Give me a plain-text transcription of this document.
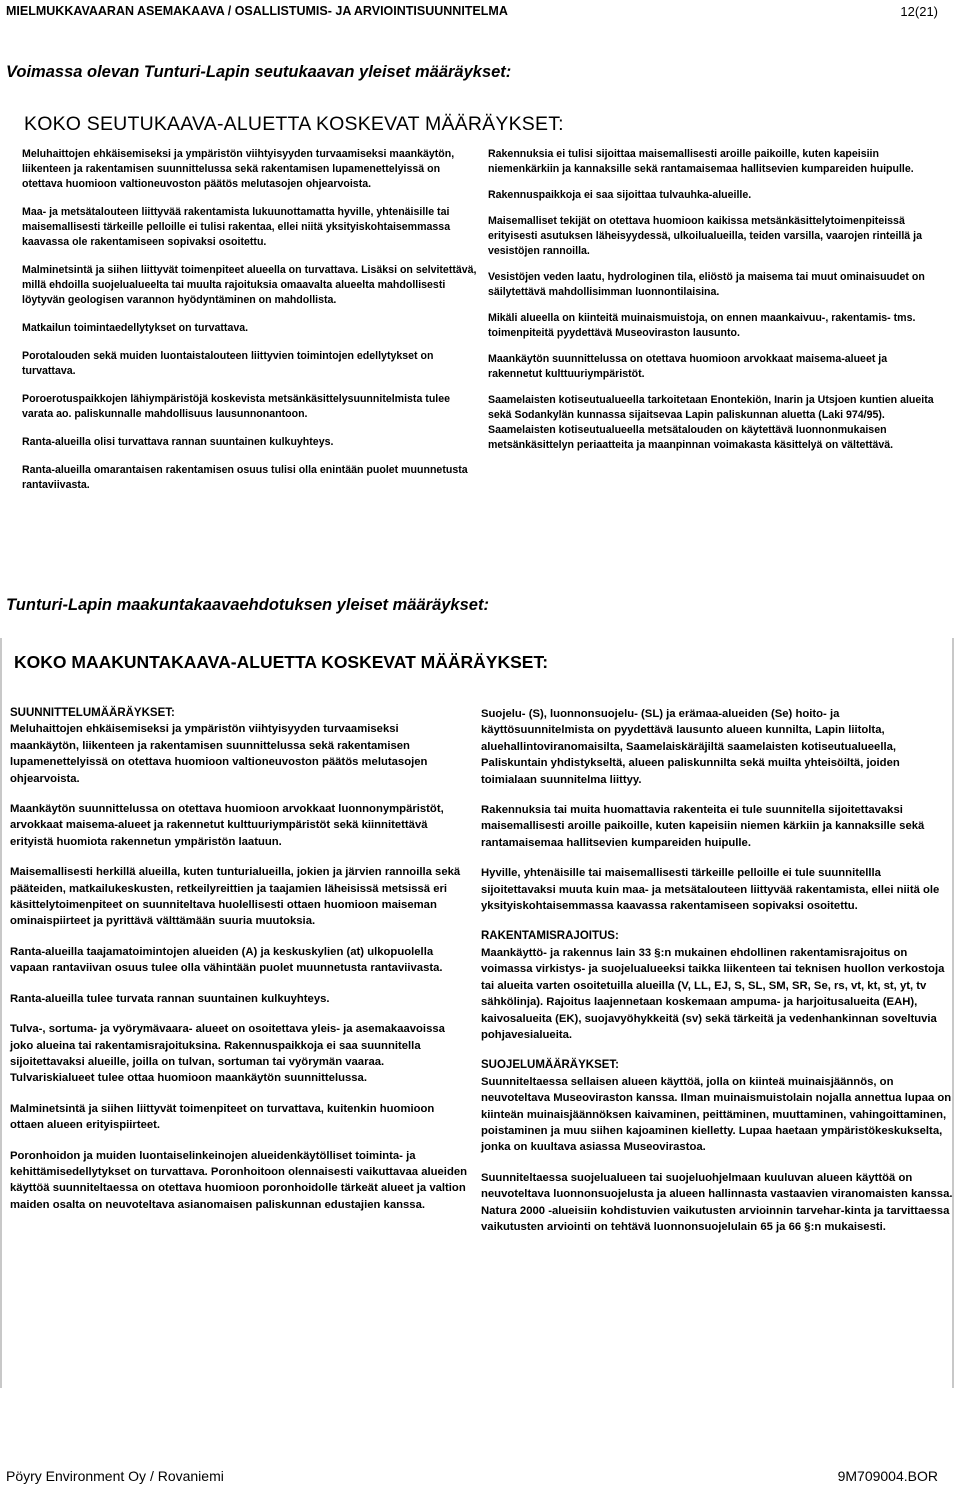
MIELMUKKAVAARAN ASEMAKAAVA / OSALLISTUMIS- JA ARVIOINTISUUNNITELMA	12(21)
Voimassa olevan Tunturi-Lapin seutukaavan yleiset määräykset:
KOKO SEUTUKAAVA-ALUETTA KOSKEVAT MÄÄRÄYKSET:

Meluhaittojen ehkäisemiseksi ja ympäristön viihtyisyyden turvaamiseksi maankäytön, liikenteen ja rakentamisen suunnittelussa sekä rakentamisen lupamenettelyissä on otettava huomioon valtioneuvoston päätös melutasojen ohjearvoista.

Maa- ja metsätalouteen liittyvää rakentamista lukuunottamatta hyville, yhtenäisille tai maisemallisesti tärkeille pelloille ei tulisi rakentaa, ellei niitä yksityiskohtaisemmassa kaavassa ole rakentamiseen sopivaksi osoitettu.

Malminetsintä ja siihen liittyvät toimenpiteet alueella on turvattava. Lisäksi on selvitettävä, millä ehdoilla suojelualueelta tai muulta rajoituksia omaavalta alueelta mahdollisesti löytyvän geologisen varannon hyödyntäminen on mahdollista.

Matkailun toimintaedellytykset on turvattava.

Porotalouden sekä muiden luontaistalouteen liittyvien toimintojen edellytykset on turvattava.

Poroerotuspaikkojen lähiympäristöjä koskevista metsänkäsittelysuunnitelmista tulee varata ao. paliskunnalle mahdollisuus lausunnonantoon.

Ranta-alueilla olisi turvattava rannan suuntainen kulkuyhteys.

Ranta-alueilla omarantaisen rakentamisen osuus tulisi olla enintään puolet muunnetusta rantaviivasta.

Rakennuksia ei tulisi sijoittaa maisemallisesti aroille paikoille, kuten kapeisiin niemenkärkiin ja kannaksille sekä rantamaisemaa hallitsevien kumpareiden huipulle.

Rakennuspaikkoja ei saa sijoittaa tulvauhka-alueille.

Maisemalliset tekijät on otettava huomioon kaikissa metsänkäsittelytoimenpiteissä erityisesti asutuksen läheisyydessä, ulkoilualueilla, teiden varsilla, vaarojen rinteillä ja vesistöjen rannoilla.

Vesistöjen veden laatu, hydrologinen tila, eliöstö ja maisema tai muut ominaisuudet on säilytettävä mahdollisimman luonnontilaisina.

Mikäli alueella on kiinteitä muinaismuistoja, on ennen maankaivuu-, rakentamis- tms. toimenpiteitä pyydettävä Museoviraston lausunto.

Maankäytön suunnittelussa on otettava huomioon arvokkaat maisema-alueet ja rakennetut kulttuuriympäristöt.

Saamelaisten kotiseutualueella tarkoitetaan Enontekiön, Inarin ja Utsjoen kuntien alueita sekä Sodankylän kunnassa sijaitsevaa Lapin paliskunnan aluetta (Laki 974/95). Saamelaisten kotiseutualueella metsätalouden on käytettävä luonnonmukaisen metsänkäsittelyn periaatteita ja maanpinnan voimakasta käsittelyä on vältettävä.

Tunturi-Lapin maakuntakaavaehdotuksen yleiset määräykset:
KOKO MAAKUNTAKAAVA-ALUETTA KOSKEVAT MÄÄRÄYKSET:

SUUNNITTELUMÄÄRÄYKSET:

Meluhaittojen ehkäisemiseksi ja ympäristön viihtyisyyden turvaamiseksi maankäytön, liikenteen ja rakentamisen suunnittelussa sekä rakentamisen lupamenettelyissä on otettava huomioon valtioneuvoston päätös melutasojen ohjearvoista.

Maankäytön suunnittelussa on otettava huomioon arvokkaat luonnonympäristöt, arvokkaat maisema-alueet ja rakennetut kulttuuriympäristöt sekä kiinnitettävä erityistä huomiota rakennetun ympäristön laatuun.

Maisemallisesti herkillä alueilla, kuten tunturialueilla, jokien ja järvien rannoilla sekä pääteiden, matkailukeskusten, retkeilyreittien ja taajamien läheisissä metsissä eri käsittelytoimenpiteet on suunniteltava huolellisesti ottaen huomioon maiseman ominaispiirteet ja pyrittävä välttämään suuria muutoksia.

Ranta-alueilla taajamatoimintojen alueiden (A) ja keskuskylien (at) ulkopuolella vapaan rantaviivan osuus tulee olla vähintään puolet muunnetusta rantaviivasta.

Ranta-alueilla tulee turvata rannan suuntainen kulkuyhteys.

Tulva-, sortuma- ja vyörymävaara- alueet on osoitettava yleis- ja asemakaavoissa joko alueina tai rakentamisrajoituksina. Rakennuspaikkoja ei saa suunnitella sijoitettavaksi alueille, joilla on tulvan, sortuman tai vyörymän vaaraa. Tulvariskialueet tulee ottaa huomioon maankäytön suunnittelussa.

Malminetsintä ja siihen liittyvät toimenpiteet on turvattava, kuitenkin huomioon ottaen alueen erityispiirteet.

Poronhoidon ja muiden luontaiselinkeinojen alueidenkäytölliset toiminta- ja kehittämisedellytykset on turvattava. Poronhoitoon olennaisesti vaikuttavaa alueiden käyttöä suunniteltaessa on otettava huomioon poronhoidolle tärkeät alueet ja valtion maiden osalta on neuvoteltava asianomaisen paliskunnan edustajien kanssa.

Suojelu- (S), luonnonsuojelu- (SL) ja erämaa-alueiden (Se) hoito- ja käyttösuunnitelmista on pyydettävä lausunto alueen kunnilta, Lapin liitolta, aluehallintoviranomaisilta, Saamelaiskäräjiltä saamelaisten kotiseutualueella, Paliskuntain yhdistykseltä, alueen paliskunnilta sekä muilta yhteisöiltä, joiden toimialaan suunnitelma liittyy.

Rakennuksia tai muita huomattavia rakenteita ei tule suunnitella sijoitettavaksi maisemallisesti aroille paikoille, kuten kapeisiin niemen kärkiin ja kannaksille sekä rantamaisemaa hallitsevien kumpareiden huipulle.

Hyville, yhtenäisille tai maisemallisesti tärkeille pelloille ei tule suunnitellla sijoitettavaksi muuta kuin maa- ja metsätalouteen liittyvää rakentamista, ellei niitä ole yksityiskohtaisemmassa kaavassa rakentamiseen sopivaksi osoitettu.

RAKENTAMISRAJOITUS:

Maankäyttö- ja rakennus lain 33 §:n mukainen ehdollinen rakentamisrajoitus on voimassa virkistys- ja suojelualueeksi taikka liikenteen tai teknisen huollon verkostoja tai alueita varten osoitetuilla alueilla (V, LL, EJ, S, SL, SM, SR, Se, rs, vt, kt, st, yt, tv sähkölinja). Rajoitus laajennetaan koskemaan ampuma- ja harjoitusalueita (EAH), kaivosalueita (EK), suojavyöhykkeitä (sv) sekä tärkeitä ja vedenhankinnan soveltuvia pohjavesialueita.

SUOJELUMÄÄRÄYKSET:

Suunniteltaessa sellaisen alueen käyttöä, jolla on kiinteä muinaisjäännös, on neuvoteltava Museoviraston kanssa. Ilman muinaismuistolain nojalla annettua lupaa on kiinteän muinaisjäännöksen kaivaminen, peittäminen, muuttaminen, vahingoittaminen, poistaminen ja muu siihen kajoaminen kielletty. Lupaa haetaan ympäristökeskukselta, jonka on kuultava asiassa Museovirastoa.

Suunniteltaessa suojelualueen tai suojeluohjelmaan kuuluvan alueen käyttöä on neuvoteltava luonnonsuojelusta ja alueen hallinnasta vastaavien viranomaisten kanssa.

Natura 2000 -alueisiin kohdistuvien vaikutusten arvioinnin tarvehar-kinta ja tarvittaessa vaikutusten arviointi on tehtävä luonnonsuojelulain 65 ja 66 §:n mukaisesti.

Pöyry Environment Oy / Rovaniemi	9M709004.BOR
